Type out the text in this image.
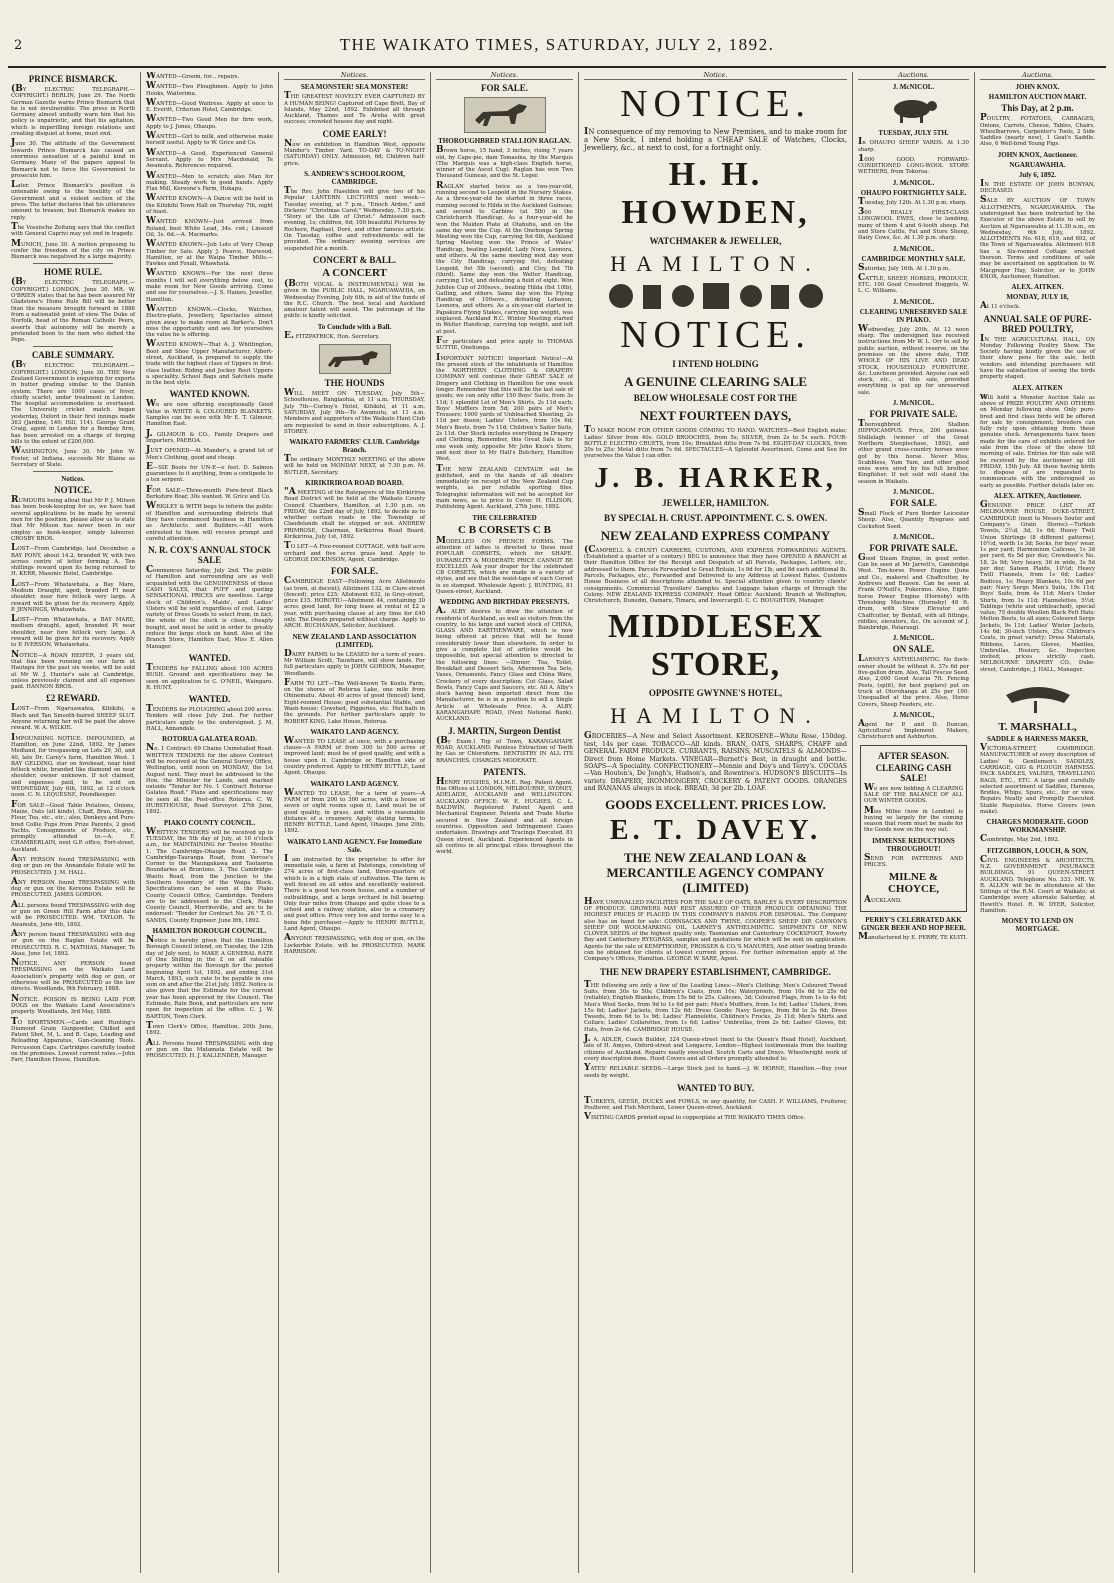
2	THE WAIKATO TIMES, SATURDAY, JULY 2, 1892.
PRINCE BISMARCK.

(BY ELECTRIC TELEGRAPH.—COPYRIGHT.) BERLIN, June 29. The North German Gazette warns Prince Bismarck that he is not invulnerable. The press in North Germany almost unitedly warn him that his policy is unpatriotic, and that his agitation, which is imperilling foreign relations and creating disquiet at home, must end.

June 30. The attitude of the Government towards Prince Bismarck has caused an enormous sensation of a painful kind in Germany. Many of the papers appeal to Bismarck not to force the Government to prosecute him.

Later. Prince Bismarck's position is untenable owing to the hostility of the Government and a violent section of the press. The latter declares that his utterances amount to treason, but Bismarck makes no reply.

The Vossische Zeitung says that the conflict with General Caprivi may yet end in tragedy.

MUNICH, June 30. A motion proposing to confer the freedom of the city on Prince Bismarck was negatived by a large majority.

HOME RULE.

(BY ELECTRIC TELEGRAPH.—COPYRIGHT.) LONDON, June 30. MR. W. O'BRIEN states that he has been assured Mr Gladstone's Home Rule Bill will be better than the measure brought forward in 1886 from a nationalist point of view. The Duke of Norfolk, head of the Roman Catholic Peers, asserts that autonomy will be merely a pretended boon to the men who defied the Pope.

CABLE SUMMARY.

(BY ELECTRIC TELEGRAPH.—COPYRIGHT.) LONDON, June 30. THE New Zealand Government is enquiring for exports in butter grading similar to the Danish system. There are 1000 cases of fever, chiefly scarlet, under treatment in London. The hospital accommodation is overtaxed. The University cricket match began yesterday, Oxford in their first innings made 363 (Jardine, 140; Hill, 114). George Grant Craig, agent in London for a Bombay firm, has been arrested on a charge of forging bills to the extent of £200,000.

WASHINGTON, June 30. Mr John W. Foster, of Indiana, succeeds Mr Blaine as Secretary of State.

Notices.
NOTICE.

RUMOURS being afloat that Mr P. J. Mitson has been book-keeping for us, we have had several applications to be made by several men for the position, please allow us to state that Mr Mitson has never been in our employ as book-keeper, simply labourer. CROSBY BROS.

LOST—From Cambridge, last December, a BAY PONY, about 14.2, branded W, with two across centre of letter forming A. Ten shillings reward upon its being returned to H. KERR, Masonic Hotel, Cambridge.

LOST—From Whatawhata, a Bay Mare, Medium Draught, aged, branded FI near shoulder, near fore fetlock very large. A reward will be given for its recovery. Apply, P. JENNINGS, Whatawhata.

LOST—From Whatawhata, a BAY MARE, medium draught, aged, branded PI near shoulder, near fore fetlock very large. A reward will be given for its recovery. Apply to P. IVERSON, Whatawhata.

NOTICE—A ROAN HEIFER, 3 years old, that has been running on our farm at Hautapu for the past six weeks, will be sold at Mr W. J. Hunter's sale at Cambridge, unless previously claimed and all expenses paid. HANNON BROS.

£2 REWARD.

LOST—From Ngaruawahia, Kihikihi, a Black and Tan Smooth-haired SHEEP SLUT. Anyone returning her will be paid the above reward. W. A. WILKIE.

IMPOUNDING NOTICE. IMPOUNDED, at Hamilton, on June 22nd, 1892, by James Medland, for trespassing on Lots 29, 30, and 40, late Dr. Carey's farm, Hamilton West. 1 BAY GELDING, star on forehead, near hind fetlock white, branded like diamond on near shoulder; owner unknown. If not claimed, and expenses paid, to be sold on WEDNESDAY, July 6th, 1892, at 12 o'clock noon. C. N. LEQUESNE, Poundkeeper.

FOR SALE—Good Table Potatoes, Onions, Maize, Oats (all kinds), Chaff, Bran, Sharps, Flour, Tea, etc., etc.; also, Donkeys and Pure-bred Collie Pups from Prize Parents, 2 good Yachts. Consignments of Produce, etc., promptly attended to.—A. F. CHAMBERLAIN, next G.P. office, Fort-street, Auckland.

ANY PERSON found TRESPASSING with dog or gun on the Annandale Estate will be PROSECUTED. J. M. HALL.

ANY PERSON found TRESPASSING with dog or gun on the Kereone Estate will be PROSECUTED. JAMES GORDON.

ALL persons found TRESPASSING with dog or gun on Green Hill Farm after this date will be PROSECUTED. WM. TAYLOR. Te Awamutu, June 4th, 1892.

ANY person found TRESPASSING with dog or gun on the Raglan Estate will be PROSECUTED. R. C. MATHIAS, Manager. Te Akau, June 1st, 1892.

NOTICE. ANY PERSON found TRESPASSING on the Waikato Land Association's property with dog or gun, or otherwise will be PROSECUTED as the law directs. Woodlands, 9th February, 1888.

NOTICE. POISON IS BEING LAID FOR DOGS on the Waikato Land Association's property. Woodlands, 3rd May, 1888.

TO SPORTSMEN.—Cards and Hunting's Diamond Grain Gunpowder, Chilled and Patent Shot, M, L. and B. Caps, Loading and Reloading Apparatus, Gun-cleaning Tools. Percussion Caps. Cartridges carefully loaded on the premises. Lowest current rates.—John Farr, Hamilton House, Hamilton.

WANTED—Groom, for... repairs.

WANTED—Two Ploughmen. Apply to John Hooks, Waiterimu.

WANTED—Good Waitress. Apply at once to E. Everitt, Criterion Hotel, Cambridge.

WANTED—Two Good Men for firm work, Apply to J. Jones, Ohaupo.

WANTED—Girl to milk, and otherwise make herself useful. Apply to W. Grice and Co.

WANTED—A Good, Experienced General Servant. Apply to Mrs Macdonald, Te Awamutu. References required.

WANTED—Men to scratch; also Man for making. Steady work to good hands. Apply Flax Mill, Kereone's Farm, Hukapu.

WANTED KNOWN—A Dance will be held in the Kihikihi Town Hall on Thursday 7th, night of feast.

WANTED KNOWN—Just arrived from Roland, best White Lead, 34s. cwt.; Linseed Oil, 3s. 6d.—A. Macmarks.

WANTED KNOWN—Job Lots of Very Cheap Timber for Sale. Apply J. Pearce, Harwood, Hamilton, or at the Waipa Timber Mills.—Fawkes and Foxall, Whawhata.

WANTED KNOWN—For the next three months I will sell everything below cost, to make room for New Goods arriving. Come and see for yourselves.—J. S. Haines, Jeweller, Hamilton.

WANTED KNOWN.—Clocks, Watches, Electro-plate, Jewellery, Spectacles almost given away to make room at Barker's. Don't miss the opportunity and see for yourselves the value he is offering.

WANTED KNOWN—That A. J. Whittington, Boot and Shoe Upper Manufacturer, Albert-street, Auckland, is prepared to supply the trade with the highest class of Uppers in first-class leather. Riding and Jockey Boot Uppers a speciality. School Bags and Satchels made in the best style.

WANTED KNOWN.

We are now offering exceptionally Good Value in WHITE & COLOURED BLANKETS. Samples can be seen with Mr E. T. Gilmour, Hamilton East.

J. GILMOUR & CO., Family Drapers and Importers, PAEROA.

JUST OPENED—At Mander's, a grand lot of Men's Clothing, good and cheap.

E—SIE Boots for UN-E—e feet. D. Salmon guarantees to it anything, from a centipede to a ten serpent.

FOR SALE—Three-month Pure-bred Black Berkshire Boar, 30s wanted. W. Grice and Co.

WRIGLEY & WITH begs to inform the public of Hamilton and surrounding districts that they have commenced business in Hamilton as Architects and Builders.—All work entrusted to them will receive prompt and careful attention.

N. R. COX'S ANNUAL STOCK SALE

Commences Saturday, July 2nd. The public of Hamilton and surrounding are as well acquainted with the GENUINENESS of these CASH SALES, that PUFF and quoting SENSATIONAL PRICES are needless. Large stock of Children's, Maids', and Ladies' Ulsters will be sold regardless of cost. Large variety of Dress Goods to select from; in fact, the whole of the stock is clean, cheaply bought, and must be sold in order to greatly reduce the large stock on hand. Also at the Branch Store, Hamilton East, Miss E. Allen Manager.

WANTED.

TENDERS for FALLING about 100 ACRES BUSH. Ground and specifications may be seen on application to C. O'NEIL, Waingaro. R. HUNT.

WANTED.

TENDERS for PLOUGHING about 200 acres. Tenders will close July 2nd. For further particulars apply to the undersigned. J. M. HALL, Annandale.

ROTORUA GALATEA ROAD.

No. 1 Contract: 69 Chains Unmetalled Road. WRITTEN TENDERS for the above Contract will be received at the General Survey Office, Wellington, until noon on MONDAY, the 1st August next. They must be addressed to the Hon. the Minister for Lands, and marked outside "Tender for No. 1 Contract Rotorua-Galatea Road." Plans and specifications may be seen at the Post-office Rotorua. C. W. HURSTHOUSE, Road Surveyor. 27th June, 1892.

PIAKO COUNTY COUNCIL.

WRITTEN TENDERS will be received up to TUESDAY, the 5th day of July, at 10 o'clock a.m., for MAINTAINING for Twelve Months: 1. The Cambridge-Ohaupo Road. 2. The Cambridge-Tauranga Road, from Vercoe's Corner to the Maungakawa and Taotaoroa Boundaries at Bruntons. 3. The Cambridge-Waotu Road, from the Junction to the Southern boundary of the Waipa Block. Specifications can be seen at the Piako County Council Office, Cambridge. Tenders are to be addressed to the Clerk, Piako County Council, Morrinsville, and are to be endorsed: "Tender for Contract No. 26." T. O. SANDS, County Engineer. June 8th, 1892.

HAMILTON BOROUGH COUNCIL.

Notice is hereby given that the Hamilton Borough Council intend, on Tuesday, the 12th day of July next, to MAKE A GENERAL RATE of One Shilling in the £ on all rateable property within the Borough for the period beginning April 1st, 1892, and ending 31st March, 1893, such rate to be payable in one sum on and after the 21st July, 1892. Notice is also given that the Estimate for the current year has been approved by the Council. The Estimate, Rate Book, and particulars are now open for inspection at the office. C. J. W. BARTON, Town Clerk.

Town Clerk's Office, Hamilton, 20th June, 1892.

ALL Persons found TRESPASSING with dog or gun on the Matamata Estate will be PROSECUTED. H. J. KALLENDER, Manager.

Notices.
SEA MONSTER! SEA MONSTER!

THE GREATEST NOVELTY EVER CAPTURED BY A HUMAN BEING! Captured off Cape Brett, Bay of Islands, May 22nd, 1892. Exhibited all through Auckland, Thames and Te Aroha with great success; crowded houses day and night.

COME EARLY!

Now on exhibition in Hamilton West, opposite Mander's Timber Yard. TO-DAY & TO-NIGHT (SATURDAY) ONLY. Admission, 6d; Children half-price.

S. ANDREW'S SCHOOLROOM, CAMBRIDGE.

The Rev. John Haselden will give two of his Popular LANTERN LECTURES next week:—Tuesday evening, at 7 p.m., "Enoch Arden," and Dickens' "Christmas Carol;" Wednesday, 7.30 p.m., "Story of the Life of Christ." Admission each evening, 1s; children, 6d; 100 beautiful Pictures by Rochere, Raphael, Doré, and other famous artists. On Tuesday, coffee and refreshments will be provided. The ordinary evening services are suspended for a month.

CONCERT & BALL.
A CONCERT

(BOTH VOCAL & INSTRUMENTAL) Will be given in the PUBLIC HALL, NGARUAWAHIA, on Wednesday Evening, July 6th, in aid of the funds of the R.C. Church. The best local and Auckland amateur talent will assist. The patronage of the public is kindly solicited.

To Conclude with a Ball.

E. FITZPATRICK, Hon. Secretary.

THE HOUNDS

WILL MEET ON TUESDAY, July 5th—Schoolhouse, Rangiaohia, at 11 a.m. THURSDAY, July 7th—Corboy's Hotel, Kihikihi, at 11 a.m. SATURDAY, July 9th—Te Awamutu, at 11 a.m. Members and supporters of the Waikato Hunt Club are requested to send in their subscriptions. A. J. STOREY.

WAIKATO FARMERS' CLUB. Cambridge Branch.

The ordinary MONTHLY MEETING of the above will be held on MONDAY NEXT, at 7.30 p.m. M. BUTLER, Secretary.

KIRIKIRIROA ROAD BOARD.

"A MEETING of the Ratepayers of the Kirikiriroa Road District will be held at the Waikato County Council Chambers, Hamilton, at 1.30 p.m. on FRIDAY, the 22nd day of July, 1892, to decide as to whether certain roads in the Township of Claudelands shall be stopped or not. ANDREW PRIMROSE, Chairman, Kirikiriroa Road Board. Kirikiriroa, July 1st, 1892.

TO LET—A Five-roomed COTTAGE, with half acre orchard and five acres grass land. Apply to GEORGE DICKINSON, Agent, Cambridge.

FOR SALE.

CAMBRIDGE EAST—Following Acre Allotments (as town, at decent); Allotment 132, in Clare-street (fenced), price £25; Allotment 632, in Grey-street, price £15. HOROTIU—Allotment 44, containing 30 acres good land, for long lease at rental of £2 a year, with purchasing clause at any time for £40 only. The Deeds prepared without charge. Apply to ARCH. BUCHANAN, Solicitor, Auckland.

NEW ZEALAND LAND ASSOCIATION (LIMITED).

DAIRY FARMS to be LEASED for a term of years. Mr William Scott, Tauwhare, will show lands. For full particulars apply to JOHN GORDON, Manager, Woodlands.

FARM TO LET—The Well-known Te Koutu Farm, on the shores of Rotorua Lake, one mile from Ohinemutu. About 40 acres of good (fenced) land, Eight-roomed House; good substantial Stable, and Wash-house; Cowshed, Piggeries, etc. Hot bath in the grounds. For further particulars apply to ROBERT KING, Lake House, Rotorua.

WAIKATO LAND AGENCY.

WANTED TO LEASE at once, with a purchasing clause—A FARM of from 300 to 500 acres of improved land; must be of good quality, and with a house upon it. Cambridge or Hamilton side of country preferred. Apply to HENRY BUTTLE, Land Agent, Ohaupo.

WAIKATO LAND AGENCY.

WANTED TO LEASE, for a term of years—A FARM of from 200 to 300 acres, with a house of seven or eight rooms upon it. Land must be of good quality, in grass, and within a reasonable distance of a creamery. Apply, stating terms, to HENRY BUTTLE, Land Agent, Ohaupo. June 20th, 1892.

WAIKATO LAND AGENCY. For Immediate Sale.

I am instructed by the proprietor, to offer for immediate sale, a farm at Patetonga, consisting of 274 acres of first-class land, three-quarters of which is in a high state of cultivation. The farm is well fenced on all sides and excellently watered. There is a good ten room house, and a number of outbuildings, and a large orchard in full bearing. Only four miles from Ohaupo and quite close to a school and a railway station, also to a creamery and post office. Price very low and terms easy to a bona fide purchaser.—Apply to HENRY BUTTLE, Land Agent, Ohaupo.

ANYONE TRESPASSING, with dog or gun, on the Lockerbie Estate, will be PROSECUTED. MARK HARRISON.

Notices.
FOR SALE.
THOROUGHBRED STALLION RAGLAN.

Brown horse, 15 hand, 3 inches, rising 7 years old, by Cape-pie, dam Tomasina, by the Marquis (The Marquis was a high-class English horse, winner of the Ascot Cup). Raglan has won Two Thousand Guineas, and the St. Leger.

RAGLAN started twice as a two-year-old, running second to Leopold in the Nursery Stakes. As a three-year-old he started in three races, running second to Hilda in the Auckland Guineas; and second to Carbine (at 5lb) in the Christchurch Handicap. As a four-year-old he won the Maiden Plate at Otahuhu, and on the same day won the Cup. At the Onehunga Spring Meeting won the Cup, carrying 9st 6lb, Auckland Spring Meeting won the Prince of Wales' Handicap, beating Leopold, Lady Nora, Leonora, and others. At the same meeting next day won the City Handicap, carrying 9st, defeating Leopold, 9st 5lb (second), and Cloy, 8st 7lb (third). Same day won the Welter Handicap, carrying 11st, and defeating a field of eight. Won Jubilee Cup of 200sovs., beating Hilda (8st 10lb), Gatling, and others. Same day won the Flying Handicap of 100sovs., defeating Lebanon, Leonora, and others. As a six-year-old started in Papakura Flying Stakes, carrying top weight, was unplaced. Auckland R.C. Winter Meeting started in Welter Handicap, carrying top weight, and left at post.

For particulars and price apply to THOMAS SUTTIE, Onehunga.

IMPORTANT NOTICE! Important Notice!—At the present stock of the inhabitants of Hamilton the NORTHERN CLOTHING & DRAPERY COMPANY will continue their GREAT SALE of Drapery and Clothing in Hamilton for one week longer. Remember that this will be the last sale of goods; we can only offer 150 Boys' Suits, from 3s 11d; 1 splendid Lot of Men's Shirts, 2s 11d each; Boys' Mufflers from 5d; 200 pairs of Men's Trousers; 1000 yards of Unbleached Sheeting, 2s 11d per dozen; Ladies' Ulsters, from 10s 6d; Men's Boots, from 7s 11d; Children's Sailor Suits, 2s 11d. Our Stock includes everything in Drapery and Clothing. Remember, this Great Sale is for one week only, opposite Mr John Knox's Store, and next door to Mr Hall's Butchery, Hamilton West.

THE NEW ZEALAND CENTAUR will be published, and in the hands of all dealers immediately on receipt of the New Zealand Cup weights, as per reliable sporting files. Telegraphic information will not be accepted for main news, as to price to Cover. H. ELLISON, Publishing Agent. Auckland, 27th June, 1892.

THE CELEBRATED
C B CORSETS C B

MODELLED ON FRENCH FORMS. The attention of ladies is directed to these most POPULAR CORSETS, which for SHAPE, DURABILITY & MODERATE PRICE CANNOT BE EXCELLED. Ask your draper for the celebrated CB CORSETS, which are made in a variety of styles, and see that the waist-tape of each Corset is so stamped. Wholesale Agent: J. BUNTING, 81 Queen-street, Auckland.

WEDDING AND BIRTHDAY PRESENTS.

A. ALBY desires to draw the attention of residents of Auckland, as well as visitors from the country, to his large and varied stock of CHINA, GLASS AND EARTHENWARE, which is now being offered at prices that will be found considerably lower than elsewhere. In order to give a complete list of articles would be impossible, but special attention is directed to the following lines: —Dinner, Tea, Toilet, Breakfast and Dessert Sets, Afternoon Tea Sets, Vases, Ornaments, Fancy Glass and China Ware, Crockery of every description; Cut Glass, Salad Bowls, Fancy Cups and Saucers, etc. All A. Alby's stock having been imported direct from the Manufacturer, he is in a position to sell a Single Article at Wholesale Price. A. ALBY, KARANGAHAPE ROAD, (Next National Bank), AUCKLAND.

J. MARTIN, Surgeon Dentist

(By Exam.) Top of Town, KARANGAHAPE ROAD, AUCKLAND. Painless Extraction of Teeth by Gas or Chloroform. DENTISTRY IN ALL ITS BRANCHES. CHARGES MODERATE.

PATENTS.

HENRY HUGHES, M.I.M.E. Reg. Patent Agent. Has Offices at LONDON, MELBOURNE, SYDNEY, ADELAIDE, AUCKLAND and WELLINGTON. AUCKLAND OFFICE: W. E. HUGHES, C. L. BALDWIN, Registered Patent Agent and Mechanical Engineer. Patents and Trade Marks secured in New Zealand and all foreign countries. Opposition and Infringement Cases undertaken. Drawings and Tracings Executed. 81 Queen street, Auckland. Experienced Agents in all centres in all principal cities throughout the world.

Notice.
NOTICE.

IN consequence of my removing to New Premises, and to make room for a New Stock, I intend holding a CHEAP SALE of Watches, Clocks, Jewellery, &c., at next to cost, for a fortnight only.

H. H. HOWDEN,
WATCHMAKER & JEWELLER,
HAMILTON.
NOTICE.
I INTEND HOLDING
A GENUINE CLEARING SALE
BELOW WHOLESALE COST FOR THE
NEXT FOURTEEN DAYS,

TO MAKE ROOM FOR OTHER GOODS COMING TO HAND. WATCHES—Best English make; Ladies' Silver from 40s. GOLD BROOCHES, from 5s; SILVER, from 2s to 5s each. FOUR-BOTTLE ELECTRO CRUETS, from 10s; Breakfast ditto from 7s 6d. EIGHT-DAY CLOCKS, from 20s to 25s; Metal ditto from 7s 6d. SPECTACLES—A Splendid Assortment. Come and See for yourselves the Value I can offer.

J. B. HARKER,
JEWELLER, HAMILTON.
BY SPECIAL H. CRUST. APPOINTMENT. C. S. OWEN.
NEW ZEALAND EXPRESS COMPANY

(CAMPBELL & CRUST) CARRIERS, CUSTOMS, AND EXPRESS FORWARDING AGENTS. (Established a quarter of a century.) BEG to announce that they have OPENED A BRANCH at their Hamilton Office for the Receipt and Despatch of all Parcels, Packages, Letters, etc., addressed to them. Parcels Forwarded to Great Britain, 1s 9d for 1lb, and 8d each additional lb. Parcels, Packages, etc., Forwarded and Delivered to any Address at Lowest Rates. Customs House Business of all descriptions attended to. Special attention given to country clients' consignments. Commercial Travellers' Samples and Luggage taken charge of through the Colony. NEW ZEALAND EXPRESS COMPANY, Head Office: Auckland; Branch at Wellington, Christchurch, Dunedin, Oamaru, Timaru, and Invercargill. C. C. HOUGHTON, Manager.

MIDDLESEX STORE,
OPPOSITE GWYNNE'S HOTEL,
HAMILTON.

GROCERIES—A New and Select Assortment. KEROSENE—White Rose, 150deg. test, 14s per case. TOBACCO—All kinds. BRAN, OATS, SHARPS, CHAFF and GENERAL FARM PRODUCE. CURRANTS, RAISINS, MUSCATELS & ALMONDS—Direct from Home Markets. VINEGAR—Burnett's Best, in draught and bottle. SOAPS—A Speciality. CONFECTIONERY—Mennie and Dey's and Terry's. COCOAS—Van Houten's, De Jongh's, Hudson's, and Rowntree's. HUDSON'S BISCUITS—In variety. DRAPERY, IRONMONGERY, CROCKERY & PATENT GOODS. ORANGES and BANANAS always in stock. BREAD, 3d per 2lb. LOAF.

GOODS EXCELLENT. PRICES LOW.
E. T. DAVEY.
THE NEW ZEALAND LOAN & MERCANTILE AGENCY COMPANY (LIMITED)

HAVE UNRIVALLED FACILITIES FOR THE SALE OF OATS, BARLEY & EVERY DESCRIPTION OF PRODUCE. GROWERS MAY REST ASSURED OF THEIR PRODUCE OBTAINING THE HIGHEST PRICES IF PLACED IN THIS COMPANY'S HANDS FOR DISPOSAL. The Company also has on hand for sale: CORNSACKS AND TWINE, COOPER'S SHEEP DIP, CANNON'S SHEEP DIP, WOOLMARKING OIL, LARNEY'S ANTHELMINTIC. SHIPMENTS OF NEW CLOVER SEEDS of the highest quality only. Tasmanian and Canterbury COCKSFOOT, Poverty Bay and Canterbury RYEGRASS, samples and quotations for which will be sent on application. Agents for the sale of KEMPTHORNE, PROSSER & CO.'S MANURES, And other leading brands can be obtained for clients at lowest current prices. For further information apply at the Company's Offices, Hamilton. GEORGE W. SARE, Agent.

THE NEW DRAPERY ESTABLISHMENT, CAMBRIDGE.

THE following are only a few of the Leading Lines:—Men's Clothing: Men's Coloured Tweed Suits, from 30s to 50s; Children's Coats, from 10s; Waterproofs, from 10s 6d to 25s 6d (reliable); English Blankets, from 15s 6d to 25s. Calicoes, 3d; Coloured Flags, from 1s to 4s 6d; Men's Wool Socks, from 9d to 1s 6d per pair; Men's Mufflers, from 1s 6d; Ladies' Ulsters, from 15s 6d; Ladies' Jackets, from 12s 6d; Dress Goods: Navy Serges, from 8d to 2s 6d; Dress Tweeds, from 6d to 1s 9d; Ladies' Flannelette, Children's Frocks, 2s 11d; Men's Shirts and Collars; Ladies' Collarettes, from 1s 6d; Ladies' Umbrellas, from 2s 6d; Ladies' Gloves, 6d; Hats, from 2s 6d. CAMBRIDGE HOUSE.

J. A. ADLER, Coach Builder, 324 Queen-street (next to the Queen's Head Hotel), Auckland, late of H. Amyes, Oxford-street and Longacre, London—Highest testimonials from the leading citizens of Auckland. Repairs neatly executed. Scotch Carts and Drays. Wheelwright work of every description done. Hood Covers and all Orders promptly attended to.

YATES' RELIABLE SEEDS.—Large Stock just to hand.—J. W. HORNE, Hamilton.—Buy your seeds by weight.

WANTED TO BUY.

TURKEYS, GEESE, DUCKS and FOWLS, in any quantity, for CASH. F. WILLIAMS, Fruiterer, Poulterer, and Fish Merchant, Lower Queen-street, Auckland.

VISITING CARDS printed equal to copperplate at THE WAIKATO TIMES Office.

Auctions.
J. McNICOL.
TUESDAY, JULY 5TH.

In OHAUPO SHEEP YARDS. At 1.30 sharp.

1000 GOOD, FORWARD-CONDITIONED LONG-WOOL STORE WETHERS, from Tokoroa.

J. McNICOL.
OHAUPO FORTNIGHTLY SALE.

Tuesday, July 12th. At 1.30 p.m. sharp.

300 REALLY FIRST-CLASS LONGWOOL EWES, close to lambing, many of them 4 and 6-tooth sheep. Fat and Store Cattle, Fat and Store Sheep, Dairy Cows, &c. At 1.30 p.m. sharp.

J. McNICOL.
CAMBRIDGE MONTHLY SALE.

Saturday, July 16th. At 1.30 p.m.

CATTLE, SHEEP, HORSES, PRODUCE, ETC. 100 Good Crossbred Hoggets, W. L. C. Williams.

J. McNICOL.
CLEARING UNRESERVED SALE IN PIAKO.

Wednesday, July 20th. At 12 noon sharp. The undersigned has received instructions from Mr W. L. Orr to sell by public auction, without reserve, on the premises on the above date, THE WHOLE OF HIS LIVE AND DEAD STOCK, HOUSEHOLD FURNITURE, &c. Luncheon provided. Anyone can sell stock, etc., at this sale, provided everything is put up for unreserved sale.

J. McNICOL.
FOR PRIVATE SALE.

Thoroughbred Stallion HIPPOCAMPUS. Price, 200 guineas. Shillelagh (winner of the Great Northern Steeplechase, 1892), and other grand cross-country horses were got by this horse. Never Miss, Scabbless, Yum Yum, and other good ones were sired by his full brother, Kingfisher. If not sold will stand the season in Waikato.

J. McNICOL.
FOR SALE.

Small Flock of Pure Border Leicester Sheep. Also, Quantity Ryegrass and Cocksfoot Seed.

J. McNICOL.
FOR PRIVATE SALE.

Good Steam Engine, in good order. Can be seen at Mr Jarrett's, Cambridge West. Ten-horse Power Engine (June and Co., makers) and Chaffcutter, by Andrews and Beaven. Can be seen at Frank O'Neill's, Pukerimu. Also, Eight-horse Power Engine (Hornsby) with Threshing Machine (Hornsby) 48 ft. drum, with Straw Elevator and Chaffcutter, by Bentall, with all fittings, riddles, elevators, &c. On account of J. Bainbridge, Pataraugi.

J. McNICOL.
ON SALE.

LARNEY'S ANTHELMINTIC. No flock-owner should be without it. 37s 6d per five-gallon drum. Also, Tall Fescue Seed. Also, 2,000 Good Acacia 7ft. Fencing Posts, (split), for best poplars) put on truck at Otorohanga at 25s per 100. Unequalled at the price. Also, Horse Covers, Sheep Feeders, etc.

J. McNICOL,

Agent for P. and D. Duncan, Agricultural Implement Makers, Christchurch and Ashburton.

AFTER SEASON.
CLEARING CASH SALE!

We are now holding A CLEARING SALE OF THE BALANCE OF ALL OUR WINTER GOODS.

Miss Milne (now in London) is buying so largely for the coming season that room must be made for the Goods now on the way out.

IMMENSE REDUCTIONS THROUGHOUT!

SEND FOR PATTERNS AND PRICES.

MILNE & CHOYCE,

AUCKLAND.

PERRY'S CELEBRATED AKK GINGER BEER AND HOP BEER.

Manufactured by E. PERRY, TE KUITI.

Auctions.
JOHN KNOX.
HAMILTON AUCTION MART.
This Day, at 2 p.m.

POULTRY, POTATOES, CABBAGES, Onions, Carrots, Cheese, Tables, Chairs, Wheelbarrows, Carpenter's Tools, 2 Side Saddles (nearly new), 1 Goat's Saddle. Also, 6 Well-bred Young Pigs.

JOHN KNOX, Auctioneer.
NGARUAWAHIA.
July 6, 1892.

IN THE ESTATE OF JOHN BUNYAN, DECEASED.

SALE BY AUCTION OF TOWN ALLOTMENTS, NGARUAWAHIA. The undersigned has been instructed by the Executor of the above Estate to sell by Auction at Ngaruawahia at 11.30 a.m., on Wednesday, 6th July, 1892. ALLOTMENTS No. 618, 619, and 692, of the Town of Ngaruawahia. Allotment 618 has a Six-roomed Cottage erected thereon. Terms and conditions of sale may be ascertained on application to W. Macgregor Hay, Solicitor, or to JOHN KNOX, Auctioneer, Hamilton.

ALEX. AITKEN.
MONDAY, JULY 18,

At 11 o'clock.

ANNUAL SALE OF PURE-BRED POULTRY,

IN THE AGRICULTURAL HALL, ON Monday Following Poultry Show. The Society having kindly given the use of their show pens for the sale, both vendors and intending purchasers will have the satisfaction of seeing the birds properly staged.

ALEX. AITKEN

will hold a Monster Auction Sale as above of PRIZE POULTRY AND OTHERS on Monday following show. Only pure-bred and first class birds will be offered for sale by consignment; breeders can fully rely upon obtaining from these genuine stock. Arrangements have been made for the care of exhibits entered for sale from the close of the show till morning of sale. Entries for this sale will be received by the auctioneer up till FRIDAY, 15th July. All those having birds to dispose of are requested to communicate with the undersigned as early as possible. Further details later on.

ALEX. AITKEN, Auctioneer.

GENUINE PRICE LIST AT MELBOURNE HOUSE, DUKE-STREET, CAMBRIDGE (next to Messrs Souter and Company's Grain Stores):—Turkish Towels, 2½d, 3d, 1s 6d; Heavy Twill Union Shirtings (8 different patterns), 10½d, worth 1s 3d; Socks, for boys' wear, 1s per yard; Harmonium Calicoes, 1s 3d per yard, 6s 5d per doz; Crewdson's No. 18, 2s 9d; Very heavy, 36 in wide, 3s 5d per doz; Sateen Plaids, 10½d; Heavy Twill Flannels, from 1s 6d; Ladies' Bodices, 1s; Heavy Blankets, 10s 6d per pair; Navy Serge Men's Suits, 19s 11d; Boys' Suits, from 4s 11d; Men's Under Shirts, from 1s 11d; Flannelettes, 5½d; Tablings (white and unbleached), special value; 75 double Woollen Black Felt Hats; Melton Boots, to all sizes; Coloured Serge Jackets, 9s 11d; Ladies' Winter Jackets, 14s 6d; 30-inch Ulsters, 25s; Children's Coats, in great variety; Dress Materials, Ribbons, Laces, Gloves, Mantles, Umbrellas, Hosiery, &c. Inspection invited; prices strictly cash. MELBOURNE DRAPERY CO., Duke-street, Cambridge, J. HALL, Manager.

T. MARSHALL,
SADDLE & HARNESS MAKER,

VICTORIA-STREET, CAMBRIDGE. MANUFACTURER of every description of Ladies' & Gentlemen's SADDLES, CARRIAGE, GIG & PLOUGH HARNESS. PACK SADDLES, VALISES, TRAVELLING BAGS, ETC., ETC. A large and carefully selected assortment of Saddles, Harness, Bridles, Whips, Spurs, etc., for or view. Repairs Neatly and Promptly Executed. Stable Requisites. Horse Covers (own make).

CHARGES MODERATE. GOOD WORKMANSHIP.

Cambridge, May 2nd, 1892.

FITZGIBBON, LOUCH, & SON,

CIVIL ENGINEERS & ARCHITECTS, N.Z. GOVERNMENT INSURANCE BUILDINGS, 91 QUEEN-STREET, AUCKLAND. Telephone No. 333. MR. W. R. ALLEN will be in attendance at the Sittings of the R.M. Court at Waikato; at Cambridge every alternate Saturday, at Hewitt's Hotel. R. W. DYER, Solicitor, Hamilton.

MONEY TO LEND ON MORTGAGE.
